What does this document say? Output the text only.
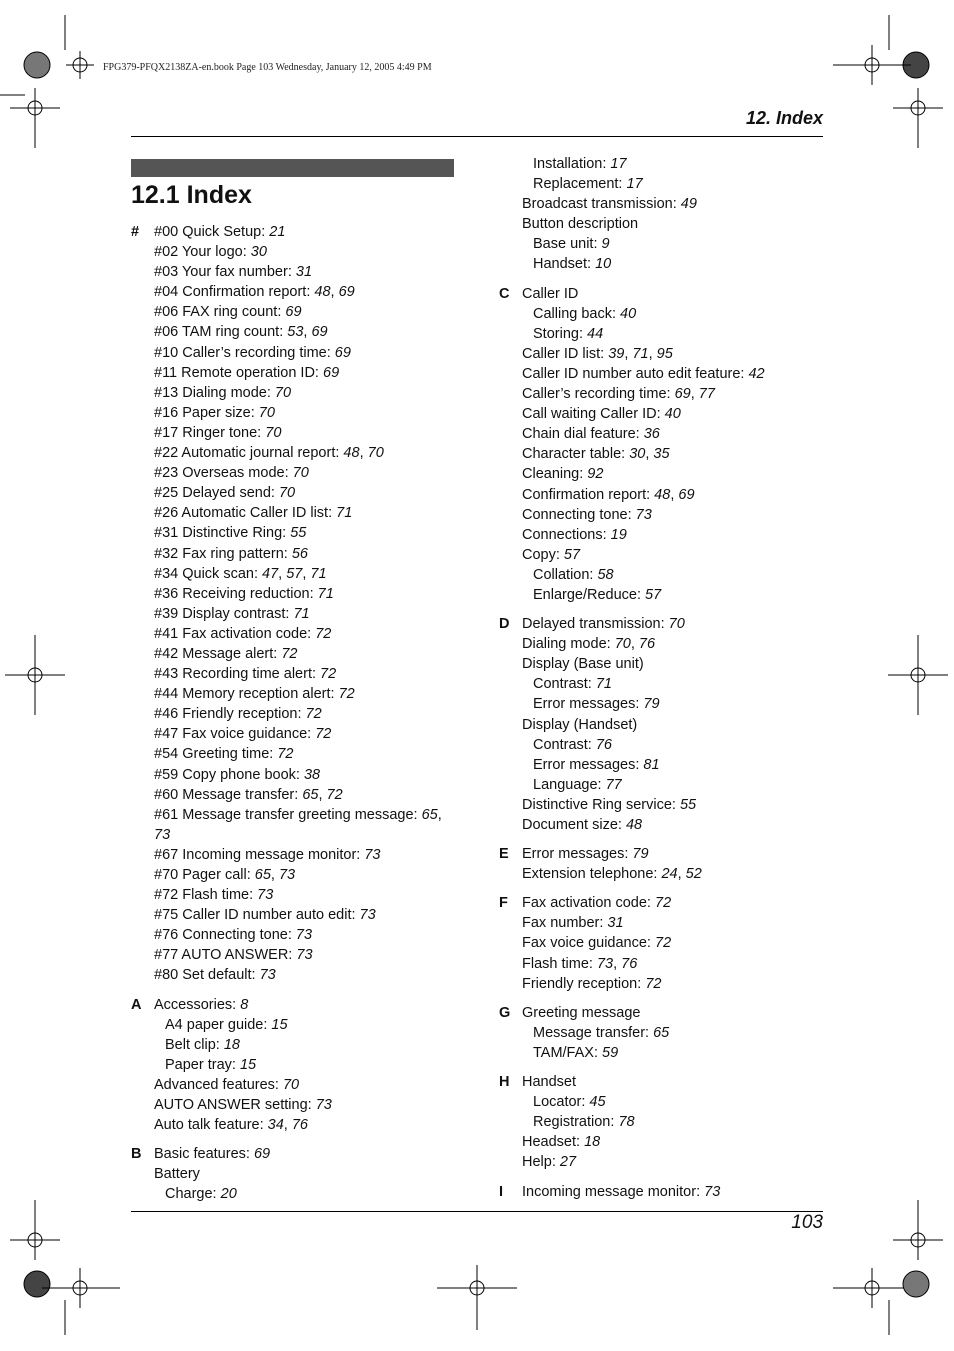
FPG379-PFQX2138ZA-en.book Page 103 Wednesday, January 12, 2005 4:49 PM
12. Index
12.1 Index
# #00 Quick Setup: 21
#02 Your logo: 30
#03 Your fax number: 31
#04 Confirmation report: 48, 69
#06 FAX ring count: 69
#06 TAM ring count: 53, 69
#10 Caller’s recording time: 69
#11 Remote operation ID: 69
#13 Dialing mode: 70
#16 Paper size: 70
#17 Ringer tone: 70
#22 Automatic journal report: 48, 70
#23 Overseas mode: 70
#25 Delayed send: 70
#26 Automatic Caller ID list: 71
#31 Distinctive Ring: 55
#32 Fax ring pattern: 56
#34 Quick scan: 47, 57, 71
#36 Receiving reduction: 71
#39 Display contrast: 71
#41 Fax activation code: 72
#42 Message alert: 72
#43 Recording time alert: 72
#44 Memory reception alert: 72
#46 Friendly reception: 72
#47 Fax voice guidance: 72
#54 Greeting time: 72
#59 Copy phone book: 38
#60 Message transfer: 65, 72
#61 Message transfer greeting message: 65, 73
#67 Incoming message monitor: 73
#70 Pager call: 65, 73
#72 Flash time: 73
#75 Caller ID number auto edit: 73
#76 Connecting tone: 73
#77 AUTO ANSWER: 73
#80 Set default: 73
A Accessories: 8
A4 paper guide: 15
Belt clip: 18
Paper tray: 15
Advanced features: 70
AUTO ANSWER setting: 73
Auto talk feature: 34, 76
B Basic features: 69
Battery
Charge: 20
Installation: 17
Replacement: 17
Broadcast transmission: 49
Button description
Base unit: 9
Handset: 10
C Caller ID
Calling back: 40
Storing: 44
Caller ID list: 39, 71, 95
Caller ID number auto edit feature: 42
Caller’s recording time: 69, 77
Call waiting Caller ID: 40
Chain dial feature: 36
Character table: 30, 35
Cleaning: 92
Confirmation report: 48, 69
Connecting tone: 73
Connections: 19
Copy: 57
Collation: 58
Enlarge/Reduce: 57
D Delayed transmission: 70
Dialing mode: 70, 76
Display (Base unit)
Contrast: 71
Error messages: 79
Display (Handset)
Contrast: 76
Error messages: 81
Language: 77
Distinctive Ring service: 55
Document size: 48
E Error messages: 79
Extension telephone: 24, 52
F Fax activation code: 72
Fax number: 31
Fax voice guidance: 72
Flash time: 73, 76
Friendly reception: 72
G Greeting message
Message transfer: 65
TAM/FAX: 59
H Handset
Locator: 45
Registration: 78
Headset: 18
Help: 27
I Incoming message monitor: 73
103
